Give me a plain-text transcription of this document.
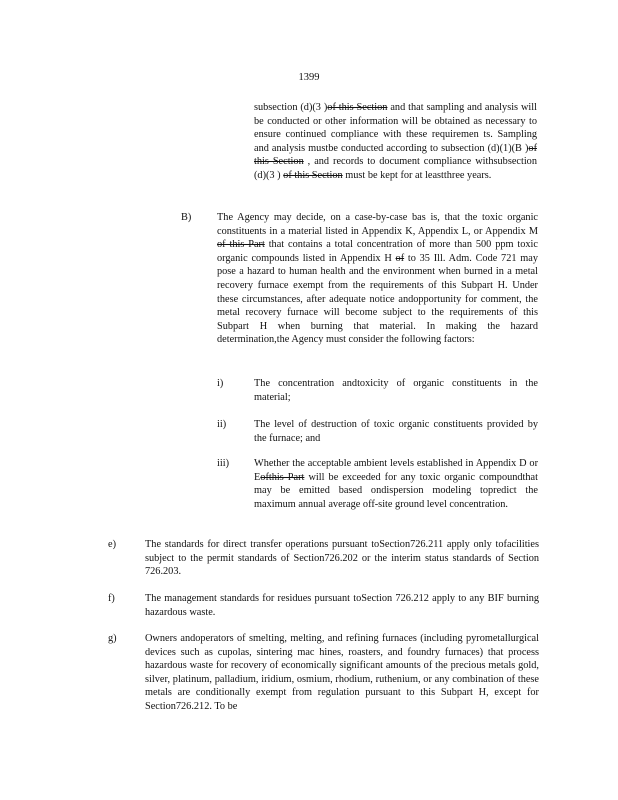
1399
subsection (d)(3 )of this Section and that sampling and analysis will be conducted or other information will be obtained as necessary to ensure continued compliance with these requiremen ts. Sampling and analysis mustbe conducted according to subsection (d)(1)(B )of this Section , and records to document compliance withsubsection (d)(3 ) of this Section must be kept for at leastthree years.
B) The Agency may decide, on a case-by-case bas is, that the toxic organic constituents in a material listed in Appendix K, Appendix L, or Appendix M of this Part that contains a total concentration of more than 500 ppm toxic organic compounds listed in Appendix H of to 35 Ill. Adm. Code 721 may pose a hazard to human health and the environment when burned in a metal recovery furnace exempt from the requirements of this Subpart H. Under these circumstances, after adequate notice andopportunity for comment, the metal recovery furnace will become subject to the requirements of this Subpart H when burning that material. In making the hazard determination,the Agency must consider the following factors:
i)	The concentration andtoxicity of organic constituents in the material;
ii)	The level of destruction of toxic organic constituents provided by the furnace; and
iii) Whether the acceptable ambient levels established in Appendix D or Eofthis Part will be exceeded for any toxic organic compoundthat may be emitted based ondispersion modeling topredict the maximum annual average off-site ground level concentration.
e)	The standards for direct transfer operations pursuant toSection726.211 apply only tofacilities subject to the permit standards of Section726.202 or the interim status standards of Section 726.203.
f)	The management standards for residues pursuant toSection 726.212 apply to any BIF burning hazardous waste.
g)	Owners andoperators of smelting, melting, and refining furnaces (including pyrometallurgical devices such as cupolas, sintering mac hines, roasters, and foundry furnaces) that process hazardous waste for recovery of economically significant amounts of the precious metals gold, silver, platinum, palladium, iridium, osmium, rhodium, ruthenium, or any combination of these metals are conditionally exempt from regulation pursuant to this Subpart H, except for Section726.212. To be
